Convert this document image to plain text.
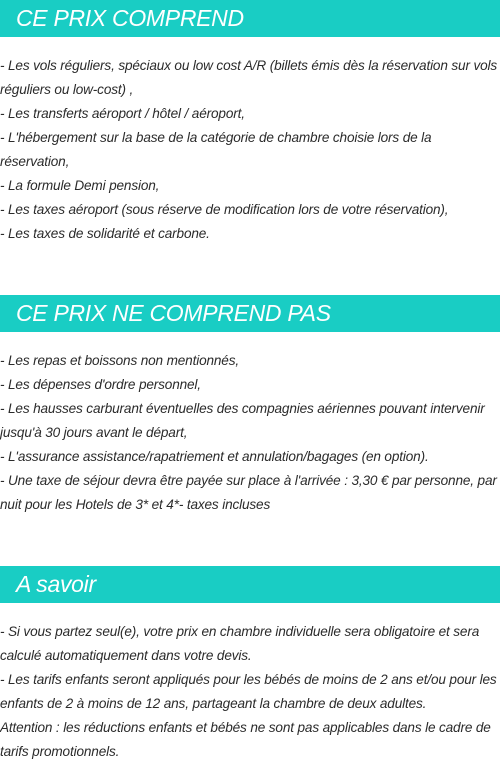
CE PRIX COMPREND
- Les vols réguliers, spéciaux ou low cost A/R (billets émis dès la réservation sur vols réguliers ou low-cost) ,
- Les transferts aéroport / hôtel / aéroport,
- L'hébergement sur la base de la catégorie de chambre choisie lors de la réservation,
- La formule Demi pension,
- Les taxes aéroport (sous réserve de modification lors de votre réservation),
- Les taxes de solidarité et carbone.
CE PRIX NE COMPREND PAS
- Les repas et boissons non mentionnés,
- Les dépenses d'ordre personnel,
- Les hausses carburant éventuelles des compagnies aériennes pouvant intervenir jusqu'à 30 jours avant le départ,
- L'assurance assistance/rapatriement et annulation/bagages (en option).
- Une taxe de séjour devra être payée sur place à l'arrivée : 3,30 € par personne, par nuit pour les Hotels de 3* et 4*- taxes incluses
A savoir
- Si vous partez seul(e), votre prix en chambre individuelle sera obligatoire et sera calculé automatiquement dans votre devis.
- Les tarifs enfants seront appliqués pour les bébés de moins de 2 ans et/ou pour les enfants de 2 à moins de 12 ans, partageant la chambre de deux adultes.
Attention : les réductions enfants et bébés ne sont pas applicables dans le cadre de tarifs promotionnels.
